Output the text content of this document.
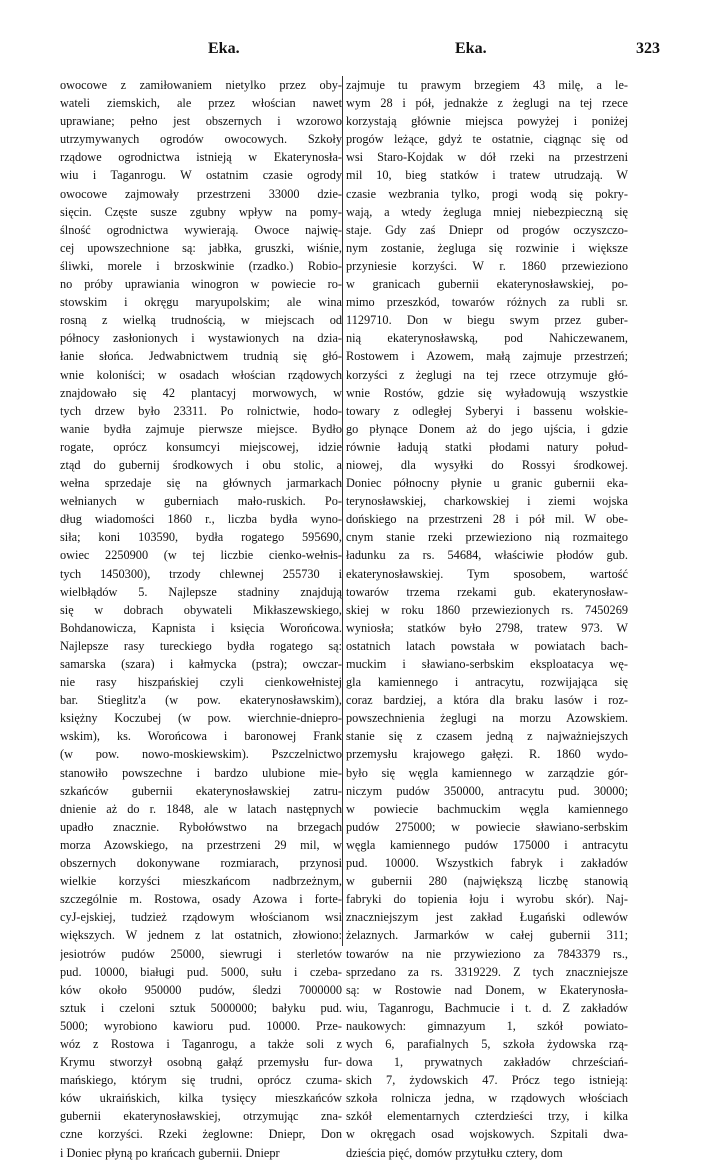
Eka.	Eka.	323
owocowe z zamiłowaniem nietylko przez oby-
wateli ziemskich, ale przez włościan nawet
uprawiane; pełno jest obszernych i wzorowo
utrzymywanych ogrodów owocowych. Szkoły
rządowe ogrodnictwa istnieją w Ekaterynosła-
wiu i Taganrogu. W ostatnim czasie ogrody
owocowe zajmowały przestrzeni 33000 dzie-
sięcin. Częste susze zgubny wpływ na pomy-
ślność ogrodnictwa wywierają. Owoce najwię-
cej upowszechnione są: jabłka, gruszki, wiśnie,
śliwki, morele i brzoskwinie (rzadko.) Robio-
no próby uprawiania winogron w powiecie ro-
stowskim i okręgu maryupolskim; ale wina
rosną z wielką trudnością, w miejscach od
północy zasłonionych i wystawionych na dzia-
łanie słońca. Jedwabnictwem trudnią się głó-
wnie koloniści; w osadach włościan rządowych
znajdowało się 42 plantacyj morwowych, w
tych drzew było 23311. Po rolnictwie, hodo-
wanie bydła zajmuje pierwsze miejsce. Bydło
rogate, oprócz konsumcyi miejscowej, idzie
ztąd do gubernij środkowych i obu stolic, a
wełna sprzedaje się na głównych jarmarkach
wełnianych w guberniach mało-ruskich. Po-
dług wiadomości 1860 r., liczba bydła wyno-
siła; koni 103590, bydła rogatego 595690,
owiec 2250900 (w tej liczbie cienko-wełnis-
tych 1450300), trzody chlewnej 255730 i
wielbłądów 5. Najlepsze stadniny znajdują
się w dobrach obywateli Mikłaszewskiego,
Bohdanowicza, Kapnista i księcia Worońcowa.
Najlepsze rasy tureckiego bydła rogatego są:
samarska (szara) i kałmycka (pstra); owczar-
nie rasy hiszpańskiej czyli cienkowełnistej
bar. Stieglitz'a (w pow. ekaterynosławskim),
księżny Koczubej (w pow. wierchnie-dniepro-
wskim), ks. Worońcowa i baronowej Frank
(w pow. nowo-moskiewskim). Pszczelnictwo
stanowiło powszechne i bardzo ulubione mie-
szkańców gubernii ekaterynosławskiej zatru-
dnienie aż do r. 1848, ale w latach następnych
upadło znacznie. Rybołówstwo na brzegach
morza Azowskiego, na przestrzeni 29 mil, w
obszernych dokonywane rozmiarach, przynosi
wielkie korzyści mieszkańcom nadbrzeżnym,
szczególnie m. Rostowa, osady Azowa i forte-
cyJ-ejskiej, tudzież rządowym włościanom wsi
większych. W jednem z lat ostatnich, złowiono:
jesiotrów pudów 25000, siewrugi i sterletów
pud. 10000, białugi pud. 5000, sułu i czeba-
ków około 950000 pudów, śledzi 7000000
sztuk i czeloni sztuk 5000000; bałyku pud.
5000; wyrobiono kawioru pud. 10000. Prze-
wóz z Rostowa i Taganrogu, a także soli z
Krymu stworzył osobną gałąź przemysłu fur-
mańskiego, którym się trudni, oprócz czuma-
ków ukraińskich, kilka tysięcy mieszkańców
gubernii ekaterynosławskiej, otrzymując zna-
czne korzyści. Rzeki żeglowne: Dniepr, Don
i Doniec płyną po krańcach gubernii. Dniepr
zajmuje tu prawym brzegiem 43 milę, a le-
wym 28 i pół, jednakże z żeglugi na tej rzece
korzystają głównie miejsca powyżej i poniżej
progów leżące, gdyż te ostatnie, ciągnąc się od
wsi Staro-Kojdak w dół rzeki na przestrzeni
mil 10, bieg statków i tratew utrudzają. W
czasie wezbrania tylko, progi wodą się pokry-
wają, a wtedy żegluga mniej niebezpieczną się
staje. Gdy zaś Dniepr od progów oczyszczo-
nym zostanie, żegluga się rozwinie i większe
przyniesie korzyści. W r. 1860 przewieziono
w granicach gubernii ekaterynosławskiej, po-
mimo przeszkód, towarów różnych za rubli sr.
1129710. Don w biegu swym przez guber-
nią ekaterynosławską, pod Nahiczewanem,
Rostowem i Azowem, małą zajmuje przestrzeń;
korzyści z żeglugi na tej rzece otrzymuje głó-
wnie Rostów, gdzie się wyładowują wszystkie
towary z odległej Syberyi i bassenu wołskie-
go płynące Donem aż do jego ujścia, i gdzie
równie ładują statki płodami natury połud-
niowej, dla wysyłki do Rossyi środkowej.
Doniec północny płynie u granic gubernii eka-
terynosławskiej, charkowskiej i ziemi wojska
dońskiego na przestrzeni 28 i pół mil. W obe-
cnym stanie rzeki przewieziono nią rozmaitego
ładunku za rs. 54684, właściwie płodów gub.
ekaterynosławskiej. Tym sposobem, wartość
towarów trzema rzekami gub. ekaterynosław-
skiej w roku 1860 przewiezionych rs. 7450269
wyniosła; statków było 2798, tratew 973. W
ostatnich latach powstała w powiatach bach-
muckim i sławiano-serbskim eksploatacya wę-
gla kamiennego i antracytu, rozwijająca się
coraz bardziej, a która dla braku lasów i roz-
powszechnienia żeglugi na morzu Azowskiem.
stanie się z czasem jedną z najważniejszych
przemysłu krajowego gałęzi. R. 1860 wydo-
było się węgla kamiennego w zarządzie gór-
niczym pudów 350000, antracytu pud. 30000;
w powiecie bachmuckim węgla kamiennego
pudów 275000; w powiecie sławiano-serbskim
węgla kamiennego pudów 175000 i antracytu
pud. 10000. Wszystkich fabryk i zakładów
w gubernii 280 (największą liczbę stanowią
fabryki do topienia łoju i wyrobu skór). Naj-
znaczniejszym jest zakład Ługański odlewów
żelaznych. Jarmarków w całej gubernii 311;
towarów na nie przywieziono za 7843379 rs.,
sprzedano za rs. 3319229. Z tych znaczniejsze
są: w Rostowie nad Donem, w Ekaterynosła-
wiu, Taganrogu, Bachmucie i t. d. Z zakładów
naukowych: gimnazyum 1, szkół powiato-
wych 6, parafialnych 5, szkoła żydowska rzą-
dowa 1, prywatnych zakładów chrześciań-
skich 7, żydowskich 47. Prócz tego istnieją:
szkoła rolnicza jedna, w rządowych włościach
szkół elementarnych czterdzieści trzy, i kilka
w okręgach osad wojskowych. Szpitali dwa-
dzieścia pięć, domów przytułku cztery, dom
